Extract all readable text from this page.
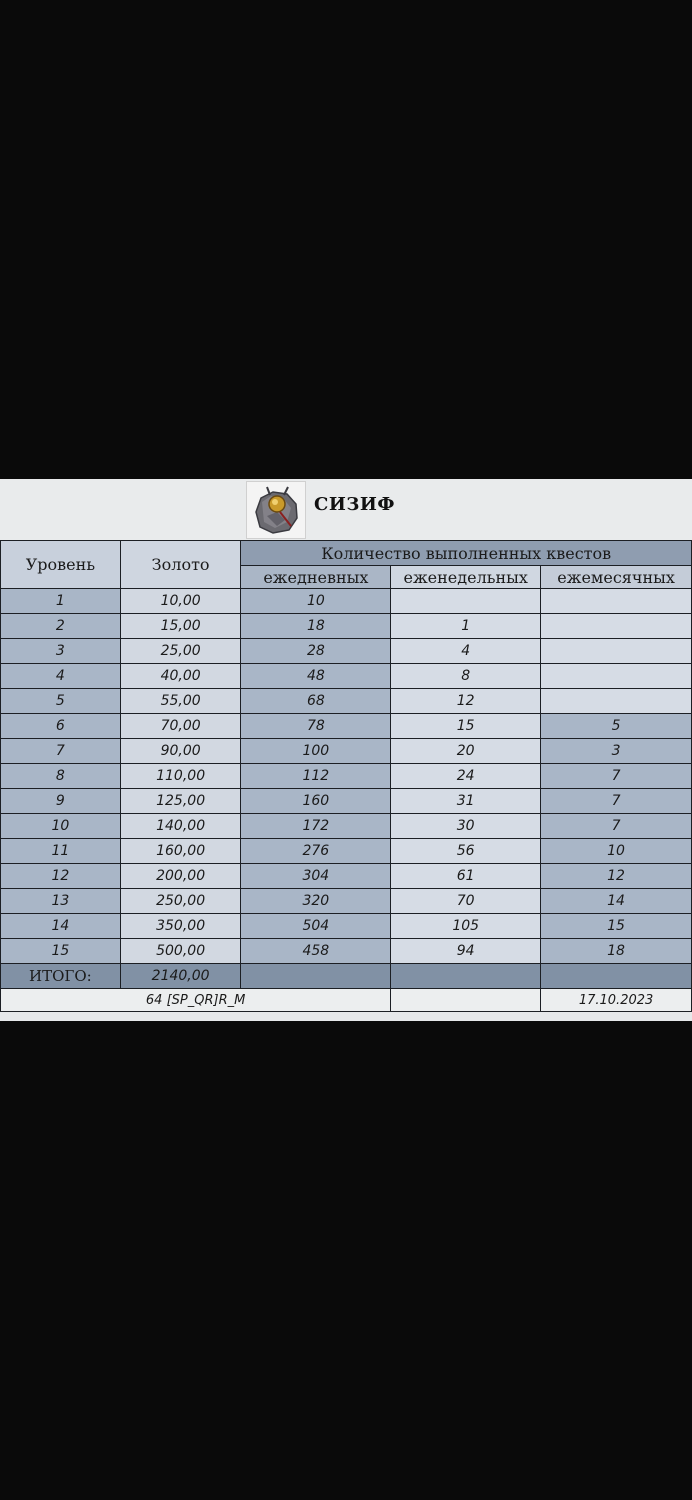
СИЗИФ
Уровень	Золото	Количество выполненных квестов		
		ежедневных	еженедельных	ежемесячных
1	10,00	10		
2	15,00	18	1	
3	25,00	28	4	
4	40,00	48	8	
5	55,00	68	12	
6	70,00	78	15	5
7	90,00	100	20	3
8	110,00	112	24	7
9	125,00	160	31	7
10	140,00	172	30	7
11	160,00	276	56	10
12	200,00	304	61	12
13	250,00	320	70	14
14	350,00	504	105	15
15	500,00	458	94	18
ИТОГО:	2140,00			
64 [SP_QR]R_M				17.10.2023
